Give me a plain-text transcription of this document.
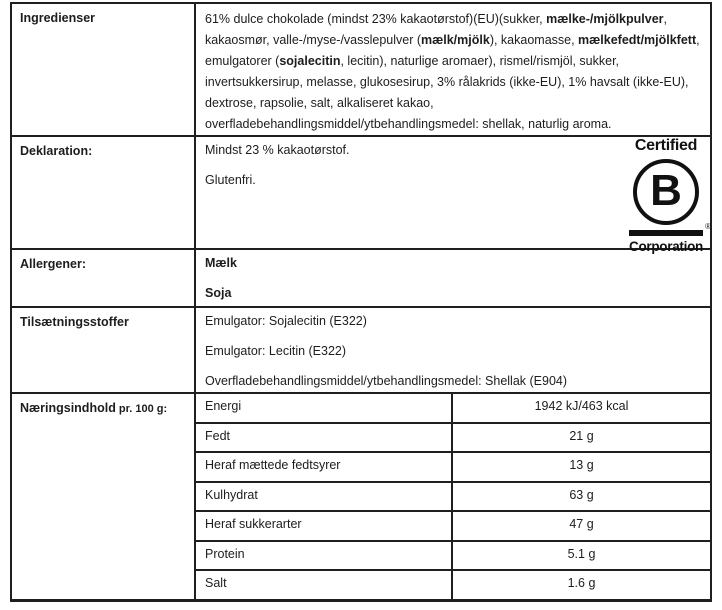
Ingredienser	61% dulce chokolade (mindst 23% kakaotørstof)(EU)(sukker, mælke-/mjölkpulver, kakaosmør, valle-/myse-/vasslepulver (mælk/mjölk), kakaomasse, mælkefedt/mjölkfett, emulgatorer (sojalecitin, lecitin), naturlige aromaer), rismel/rismjöl, sukker, invertsukkersirup, melasse, glukosesirup, 3% rålakrids (ikke-EU), 1% havsalt (ikke-EU), dextrose, rapsolie, salt, alkaliseret kakao, overfladebehandlingsmiddel/ytbehandlingsmedel: shellak, naturlig aroma.
Deklaration:	Mindst 23 % kakaotørstof.

Glutenfri.

Certified
B
®
Corporation
Allergener:	Mælk

Soja

Tilsætningsstoffer	Emulgator: Sojalecitin (E322)

Emulgator: Lecitin (E322)

Overfladebehandlingsmiddel/ytbehandlingsmedel: Shellak (E904)

Næringsindhold pr. 100 g:	Energi	1942 kJ/463 kcal
Fedt	21 g
Heraf mættede fedtsyrer	13 g
Kulhydrat	63 g
Heraf sukkerarter	47 g
Protein	5.1 g
Salt	1.6 g
